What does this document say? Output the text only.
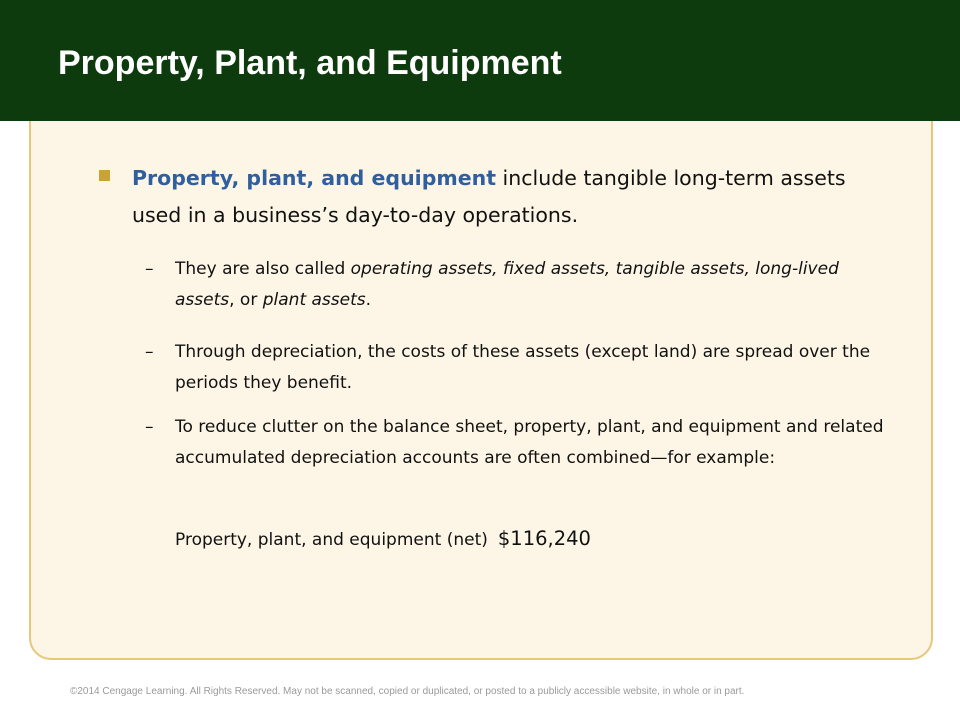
Property, Plant, and Equipment

Property, plant, and equipment include tangible long-term assets used in a business’s day-to-day operations.

– They are also called operating assets, fixed assets, tangible assets, long-lived assets, or plant assets.

– Through depreciation, the costs of these assets (except land) are spread over the periods they benefit.

– To reduce clutter on the balance sheet, property, plant, and equipment and related accumulated depreciation accounts are often combined—for example:

Property, plant, and equipment (net) $116,240

©2014 Cengage Learning. All Rights Reserved. May not be scanned, copied or duplicated, or posted to a publicly accessible website, in whole or in part.
